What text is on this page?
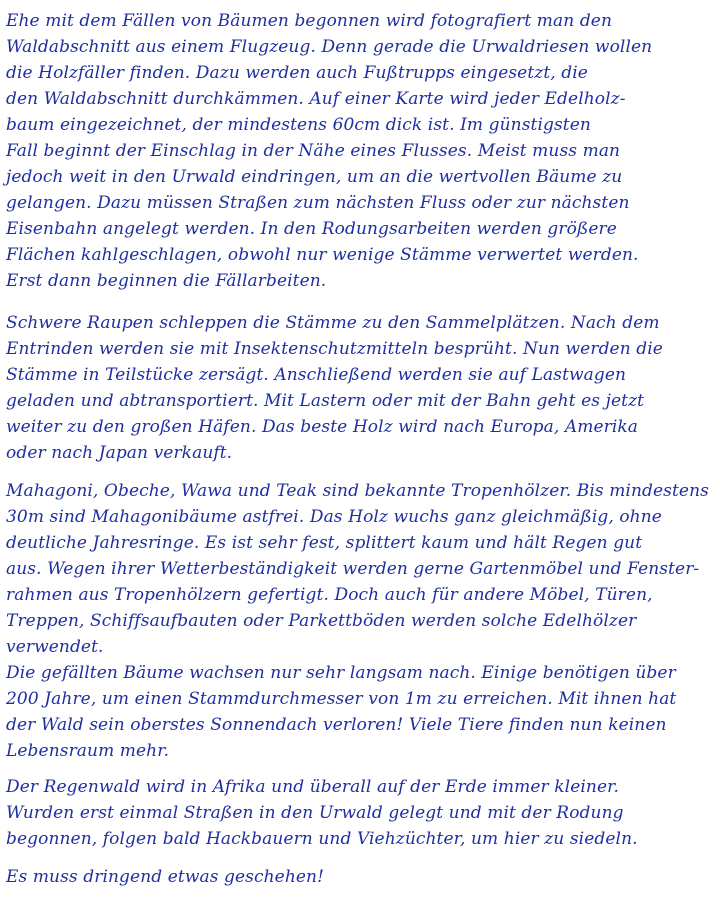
Ehe mit dem Fällen von Bäumen begonnen wird fotografiert man den
Waldabschnitt aus einem Flugzeug. Denn gerade die Urwaldriesen wollen
die Holzfäller finden. Dazu werden auch Fußtrupps eingesetzt, die
den Waldabschnitt durchkämmen. Auf einer Karte wird jeder Edelholz-
baum eingezeichnet, der mindestens 60cm dick ist. Im günstigsten
Fall beginnt der Einschlag in der Nähe eines Flusses. Meist muss man
jedoch weit in den Urwald eindringen, um an die wertvollen Bäume zu
gelangen. Dazu müssen Straßen zum nächsten Fluss oder zur nächsten
Eisenbahn angelegt werden. In den Rodungsarbeiten werden größere
Flächen kahlgeschlagen, obwohl nur wenige Stämme verwertet werden.
Erst dann beginnen die Fällarbeiten.
Schwere Raupen schleppen die Stämme zu den Sammelplätzen. Nach dem
Entrinden werden sie mit Insektenschutzmitteln besprüht. Nun werden die
Stämme in Teilstücke zersägt. Anschließend werden sie auf Lastwagen
geladen und abtransportiert. Mit Lastern oder mit der Bahn geht es jetzt
weiter zu den großen Häfen. Das beste Holz wird nach Europa, Amerika
oder nach Japan verkauft.
Mahagoni, Obeche, Wawa und Teak sind bekannte Tropenhölzer. Bis mindestens
30m sind Mahagonibäume astfrei. Das Holz wuchs ganz gleichmäßig, ohne
deutliche Jahresringe. Es ist sehr fest, splittert kaum und hält Regen gut
aus. Wegen ihrer Wetterbeständigkeit werden gerne Gartenmöbel und Fenster-
rahmen aus Tropenhölzern gefertigt. Doch auch für andere Möbel, Türen,
Treppen, Schiffsaufbauten oder Parkettböden werden solche Edelhölzer
verwendet.
Die gefällten Bäume wachsen nur sehr langsam nach. Einige benötigen über
200 Jahre, um einen Stammdurchmesser von 1m zu erreichen. Mit ihnen hat
der Wald sein oberstes Sonnendach verloren! Viele Tiere finden nun keinen
Lebensraum mehr.
Der Regenwald wird in Afrika und überall auf der Erde immer kleiner.
Wurden erst einmal Straßen in den Urwald gelegt und mit der Rodung
begonnen, folgen bald Hackbauern und Viehzüchter, um hier zu siedeln.
Es muss dringend etwas geschehen!
